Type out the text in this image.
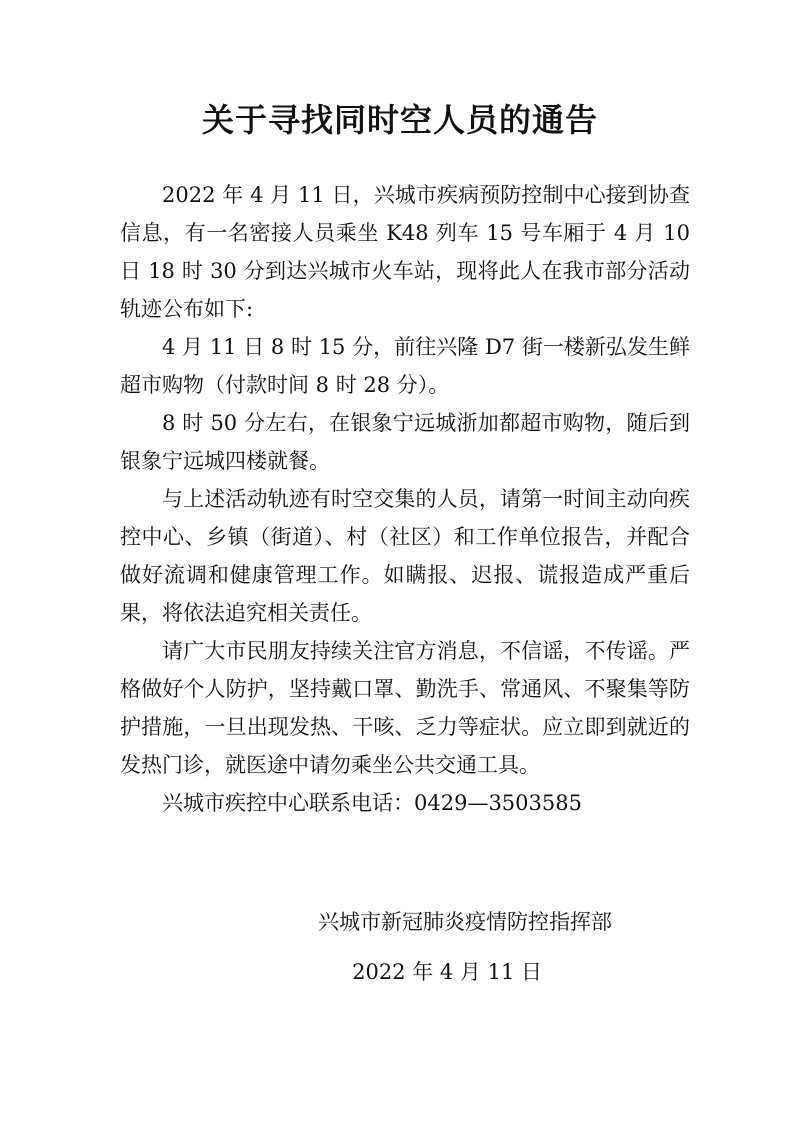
关于寻找同时空人员的通告

2022 年 4 月 11 日，兴城市疾病预防控制中心接到协查信息，有一名密接人员乘坐 K48 列车 15 号车厢于 4 月 10 日 18 时 30 分到达兴城市火车站，现将此人在我市部分活动轨迹公布如下:

4 月 11 日 8 时 15 分，前往兴隆 D7 街一楼新弘发生鲜超市购物（付款时间 8 时 28 分）。

8 时 50 分左右，在银象宁远城浙加都超市购物，随后到银象宁远城四楼就餐。

与上述活动轨迹有时空交集的人员，请第一时间主动向疾控中心、乡镇（街道）、村（社区）和工作单位报告，并配合做好流调和健康管理工作。如瞒报、迟报、谎报造成严重后果，将依法追究相关责任。

请广大市民朋友持续关注官方消息，不信谣，不传谣。严格做好个人防护，坚持戴口罩、勤洗手、常通风、不聚集等防护措施，一旦出现发热、干咳、乏力等症状。应立即到就近的发热门诊，就医途中请勿乘坐公共交通工具。

兴城市疾控中心联系电话：0429—3503585

兴城市新冠肺炎疫情防控指挥部
2022 年 4 月 11 日
